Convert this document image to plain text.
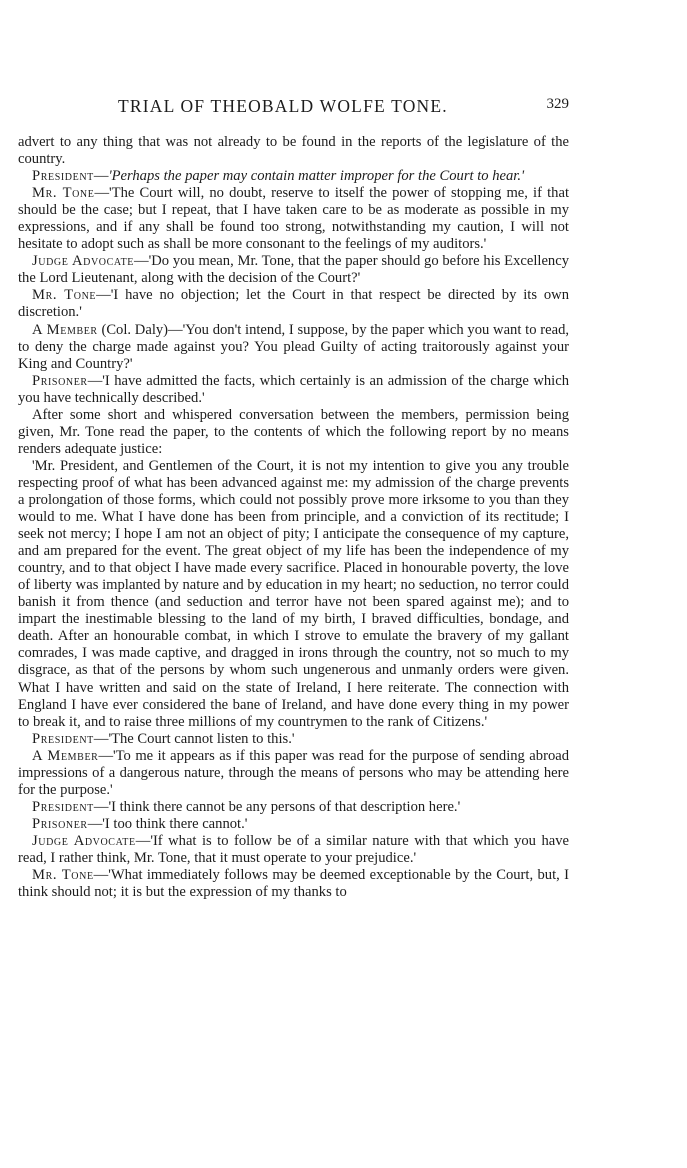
TRIAL OF THEOBALD WOLFE TONE.	329

advert to any thing that was not already to be found in the reports of the legislature of the country.

President—'Perhaps the paper may contain matter improper for the Court to hear.'

Mr. Tone—'The Court will, no doubt, reserve to itself the power of stopping me, if that should be the case; but I repeat, that I have taken care to be as moderate as possible in my expressions, and if any shall be found too strong, notwithstanding my caution, I will not hesitate to adopt such as shall be more consonant to the feelings of my auditors.'

Judge Advocate—'Do you mean, Mr. Tone, that the paper should go before his Excellency the Lord Lieutenant, along with the decision of the Court?'

Mr. Tone—'I have no objection; let the Court in that respect be directed by its own discretion.'

A Member (Col. Daly)—'You don't intend, I suppose, by the paper which you want to read, to deny the charge made against you? You plead Guilty of acting traitorously against your King and Country?'

Prisoner—'I have admitted the facts, which certainly is an admission of the charge which you have technically described.'

After some short and whispered conversation between the members, permission being given, Mr. Tone read the paper, to the contents of which the following report by no means renders adequate justice:

'Mr. President, and Gentlemen of the Court, it is not my intention to give you any trouble respecting proof of what has been advanced against me: my admission of the charge prevents a prolongation of those forms, which could not possibly prove more irksome to you than they would to me. What I have done has been from principle, and a conviction of its rectitude; I seek not mercy; I hope I am not an object of pity; I anticipate the consequence of my capture, and am prepared for the event. The great object of my life has been the independence of my country, and to that object I have made every sacrifice. Placed in honourable poverty, the love of liberty was implanted by nature and by education in my heart; no seduction, no terror could banish it from thence (and seduction and terror have not been spared against me); and to impart the inestimable blessing to the land of my birth, I braved difficulties, bondage, and death. After an honourable combat, in which I strove to emulate the bravery of my gallant comrades, I was made captive, and dragged in irons through the country, not so much to my disgrace, as that of the persons by whom such ungenerous and unmanly orders were given. What I have written and said on the state of Ireland, I here reiterate. The connection with England I have ever considered the bane of Ireland, and have done every thing in my power to break it, and to raise three millions of my countrymen to the rank of Citizens.'

President—'The Court cannot listen to this.'

A Member—'To me it appears as if this paper was read for the purpose of sending abroad impressions of a dangerous nature, through the means of persons who may be attending here for the purpose.'

President—'I think there cannot be any persons of that description here.'

Prisoner—'I too think there cannot.'

Judge Advocate—'If what is to follow be of a similar nature with that which you have read, I rather think, Mr. Tone, that it must operate to your prejudice.'

Mr. Tone—'What immediately follows may be deemed exceptionable by the Court, but, I think should not; it is but the expression of my thanks to
